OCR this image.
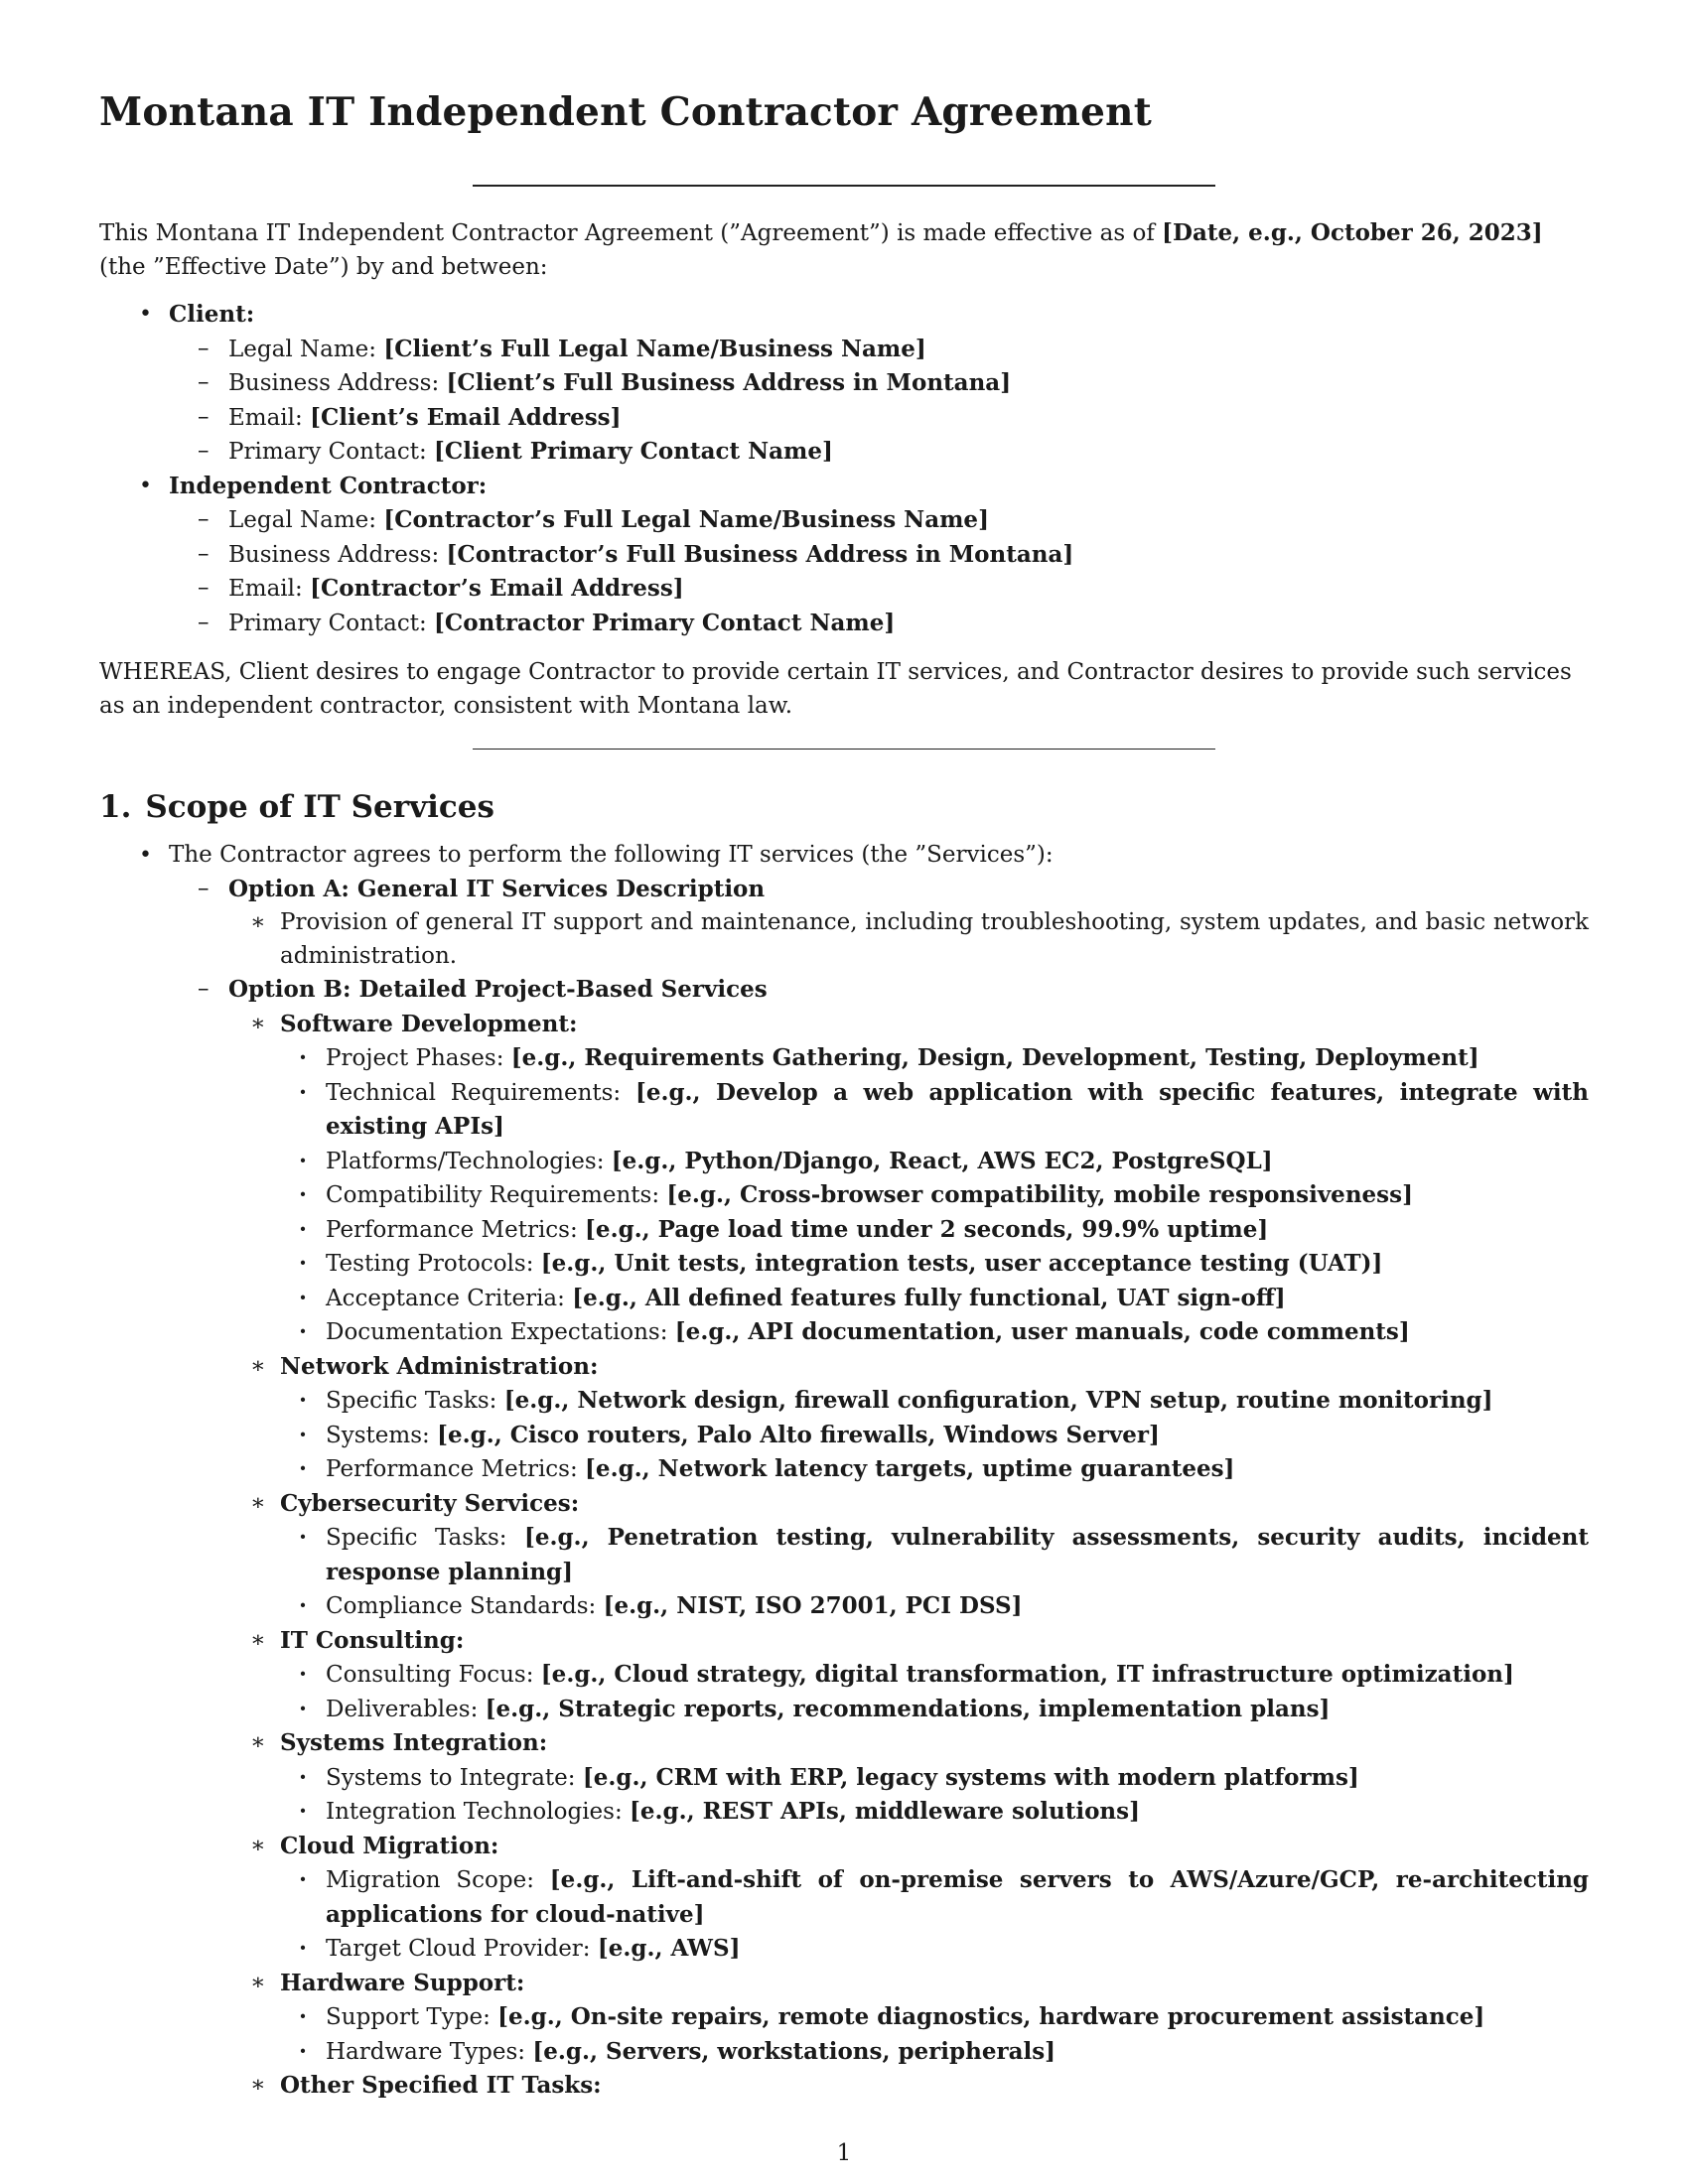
Montana IT Independent Contractor Agreement

This Montana IT Independent Contractor Agreement (”Agreement”) is made effective as of [Date, e.g., October 26, 2023]
(the ”Effective Date”) by and between:

• Client:
– Legal Name: [Client’s Full Legal Name/Business Name]
– Business Address: [Client’s Full Business Address in Montana]
– Email: [Client’s Email Address]
– Primary Contact: [Client Primary Contact Name]
• Independent Contractor:
– Legal Name: [Contractor’s Full Legal Name/Business Name]
– Business Address: [Contractor’s Full Business Address in Montana]
– Email: [Contractor’s Email Address]
– Primary Contact: [Contractor Primary Contact Name]

WHEREAS, Client desires to engage Contractor to provide certain IT services, and Contractor desires to provide such services as an independent contractor, consistent with Montana law.

1. Scope of IT Services
• The Contractor agrees to perform the following IT services (the ”Services”):
– Option A: General IT Services Description
∗ Provision of general IT support and maintenance, including troubleshooting, system updates, and basic network administration.
– Option B: Detailed Project-Based Services
∗ Software Development:
· Project Phases: [e.g., Requirements Gathering, Design, Development, Testing, Deployment]
· Technical Requirements: [e.g., Develop a web application with specific features, integrate with existing APIs]
· Platforms/Technologies: [e.g., Python/Django, React, AWS EC2, PostgreSQL]
· Compatibility Requirements: [e.g., Cross-browser compatibility, mobile responsiveness]
· Performance Metrics: [e.g., Page load time under 2 seconds, 99.9% uptime]
· Testing Protocols: [e.g., Unit tests, integration tests, user acceptance testing (UAT)]
· Acceptance Criteria: [e.g., All defined features fully functional, UAT sign-off]
· Documentation Expectations: [e.g., API documentation, user manuals, code comments]
∗ Network Administration:
· Specific Tasks: [e.g., Network design, firewall configuration, VPN setup, routine monitoring]
· Systems: [e.g., Cisco routers, Palo Alto firewalls, Windows Server]
· Performance Metrics: [e.g., Network latency targets, uptime guarantees]
∗ Cybersecurity Services:
· Specific Tasks: [e.g., Penetration testing, vulnerability assessments, security audits, incident response planning]
· Compliance Standards: [e.g., NIST, ISO 27001, PCI DSS]
∗ IT Consulting:
· Consulting Focus: [e.g., Cloud strategy, digital transformation, IT infrastructure optimization]
· Deliverables: [e.g., Strategic reports, recommendations, implementation plans]
∗ Systems Integration:
· Systems to Integrate: [e.g., CRM with ERP, legacy systems with modern platforms]
· Integration Technologies: [e.g., REST APIs, middleware solutions]
∗ Cloud Migration:
· Migration Scope: [e.g., Lift-and-shift of on-premise servers to AWS/Azure/GCP, re-architecting applications for cloud-native]
· Target Cloud Provider: [e.g., AWS]
∗ Hardware Support:
· Support Type: [e.g., On-site repairs, remote diagnostics, hardware procurement assistance]
· Hardware Types: [e.g., Servers, workstations, peripherals]
∗ Other Specified IT Tasks:
1
